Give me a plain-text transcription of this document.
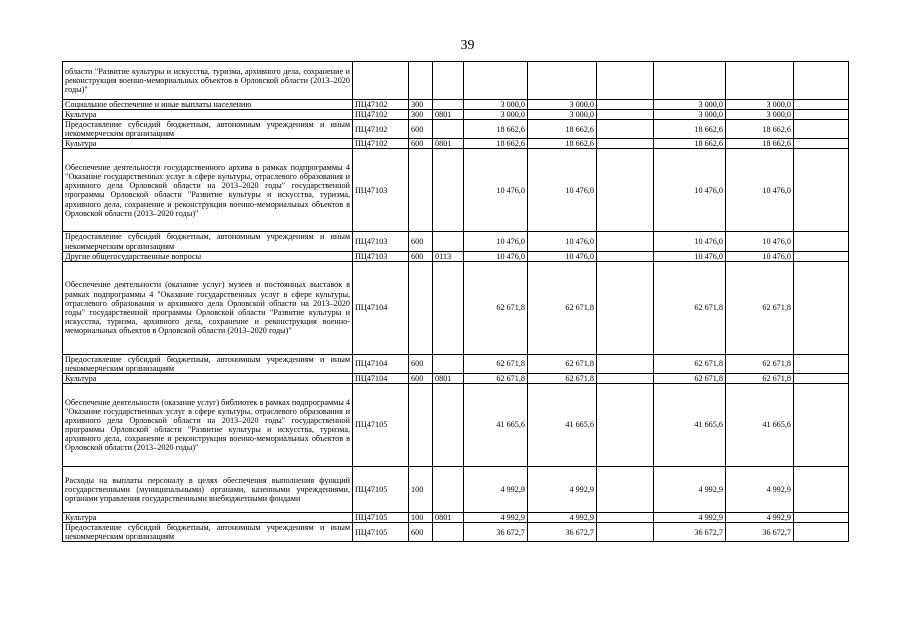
39
области "Развитие культуры и искусства, туризма, архивного дела, сохранение и реконструкция военно-мемориальных объектов в Орловской области (2013–2020 годы)"									
Социальное обеспечение и иные выплаты населению	ПЦ47102	300		3 000,0	3 000,0		3 000,0	3 000,0	
Культура	ПЦ47102	300	0801	3 000,0	3 000,0		3 000,0	3 000,0	
Предоставление субсидий бюджетным, автономным учреждениям и иным некоммерческим организациям	ПЦ47102	600		18 662,6	18 662,6		18 662,6	18 662,6	
Культура	ПЦ47102	600	0801	18 662,6	18 662,6		18 662,6	18 662,6	
Обеспечение деятельности государственного архива в рамках подпрограммы 4 "Оказание государственных услуг в сфере культуры, отраслевого образования и архивного дела Орловской области на 2013–2020 годы" государственной программы Орловской области "Развитие культуры и искусства, туризма, архивного дела, сохранение и реконструкция военно-мемориальных объектов в Орловской области (2013–2020 годы)"	ПЦ47103			10 476,0	10 476,0		10 476,0	10 476,0	
Предоставление субсидий бюджетным, автономным учреждениям и иным некоммерческим организациям	ПЦ47103	600		10 476,0	10 476,0		10 476,0	10 476,0	
Другие общегосударственные вопросы	ПЦ47103	600	0113	10 476,0	10 476,0		10 476,0	10 476,0	
Обеспечение деятельности (оказание услуг) музеев и постоянных выставок в рамках подпрограммы 4 "Оказание государственных услуг в сфере культуры, отраслевого образования и архивного дела Орловской области на 2013–2020 годы" государственной программы Орловской области "Развитие культуры и искусства, туризма, архивного дела, сохранение и реконструкция военно-мемориальных объектов в Орловской области (2013–2020 годы)"	ПЦ47104			62 671,8	62 671,8		62 671,8	62 671,8	
Предоставление субсидий бюджетным, автономным учреждениям и иным некоммерческим организациям	ПЦ47104	600		62 671,8	62 671,8		62 671,8	62 671,8	
Культура	ПЦ47104	600	0801	62 671,8	62 671,8		62 671,8	62 671,8	
Обеспечение деятельности (оказание услуг) библиотек в рамках подпрограммы 4 "Оказание государственных услуг в сфере культуры, отраслевого образования и архивного дела Орловской области на 2013–2020 годы" государственной программы Орловской области "Развитие культуры и искусства, туризма, архивного дела, сохранение и реконструкция военно-мемориальных объектов в Орловской области (2013–2020 годы)"	ПЦ47105			41 665,6	41 665,6		41 665,6	41 665,6	
Расходы на выплаты персоналу в целях обеспечения выполнения функций государственными (муниципальными) органами, казенными учреждениями, органами управления государственными внебюджетными фондами	ПЦ47105	100		4 992,9	4 992,9		4 992,9	4 992,9	
Культура	ПЦ47105	100	0801	4 992,9	4 992,9		4 992,9	4 992,9	
Предоставление субсидий бюджетным, автономным учреждениям и иным некоммерческим организациям	ПЦ47105	600		36 672,7	36 672,7		36 672,7	36 672,7	
